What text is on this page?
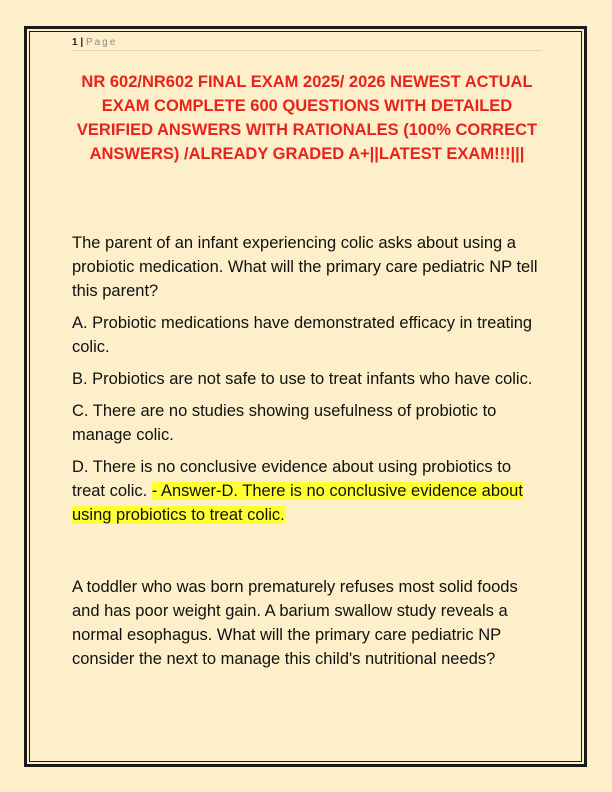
1 | Page
NR 602/NR602 FINAL EXAM 2025/ 2026 NEWEST ACTUAL EXAM COMPLETE 600 QUESTIONS WITH DETAILED VERIFIED ANSWERS WITH RATIONALES (100% CORRECT ANSWERS) /ALREADY GRADED A+||LATEST EXAM!!!|||

The parent of an infant experiencing colic asks about using a probiotic medication. What will the primary care pediatric NP tell this parent?

A. Probiotic medications have demonstrated efficacy in treating colic.

B. Probiotics are not safe to use to treat infants who have colic.

C. There are no studies showing usefulness of probiotic to manage colic.

D. There is no conclusive evidence about using probiotics to treat colic. - Answer-D. There is no conclusive evidence about using probiotics to treat colic.

A toddler who was born prematurely refuses most solid foods and has poor weight gain. A barium swallow study reveals a normal esophagus. What will the primary care pediatric NP consider the next to manage this child's nutritional needs?
